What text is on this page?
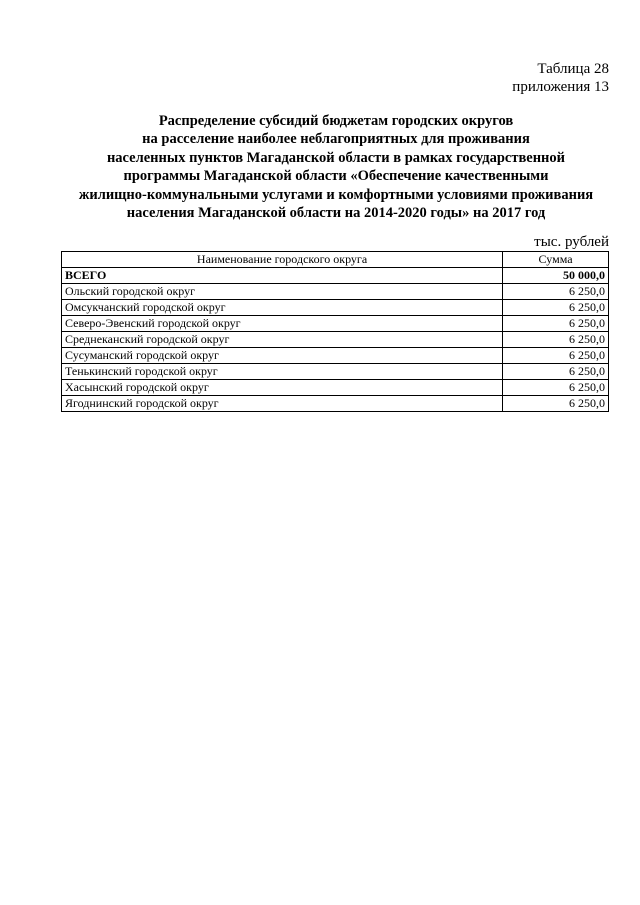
Таблица 28
приложения 13
Распределение субсидий бюджетам городских округов
на расселение наиболее неблагоприятных для проживания
населенных пунктов Магаданской области в рамках государственной
программы Магаданской области «Обеспечение качественными
жилищно-коммунальными услугами и комфортными условиями проживания
населения Магаданской области на 2014-2020 годы» на 2017 год
тыс. рублей
Наименование городского округа	Сумма
ВСЕГО	50 000,0
Ольский городской округ	6 250,0
Омсукчанский городской округ	6 250,0
Северо-Эвенский городской округ	6 250,0
Среднеканский городской округ	6 250,0
Сусуманский городской округ	6 250,0
Тенькинский городской округ	6 250,0
Хасынский городской округ	6 250,0
Ягоднинский городской округ	6 250,0
